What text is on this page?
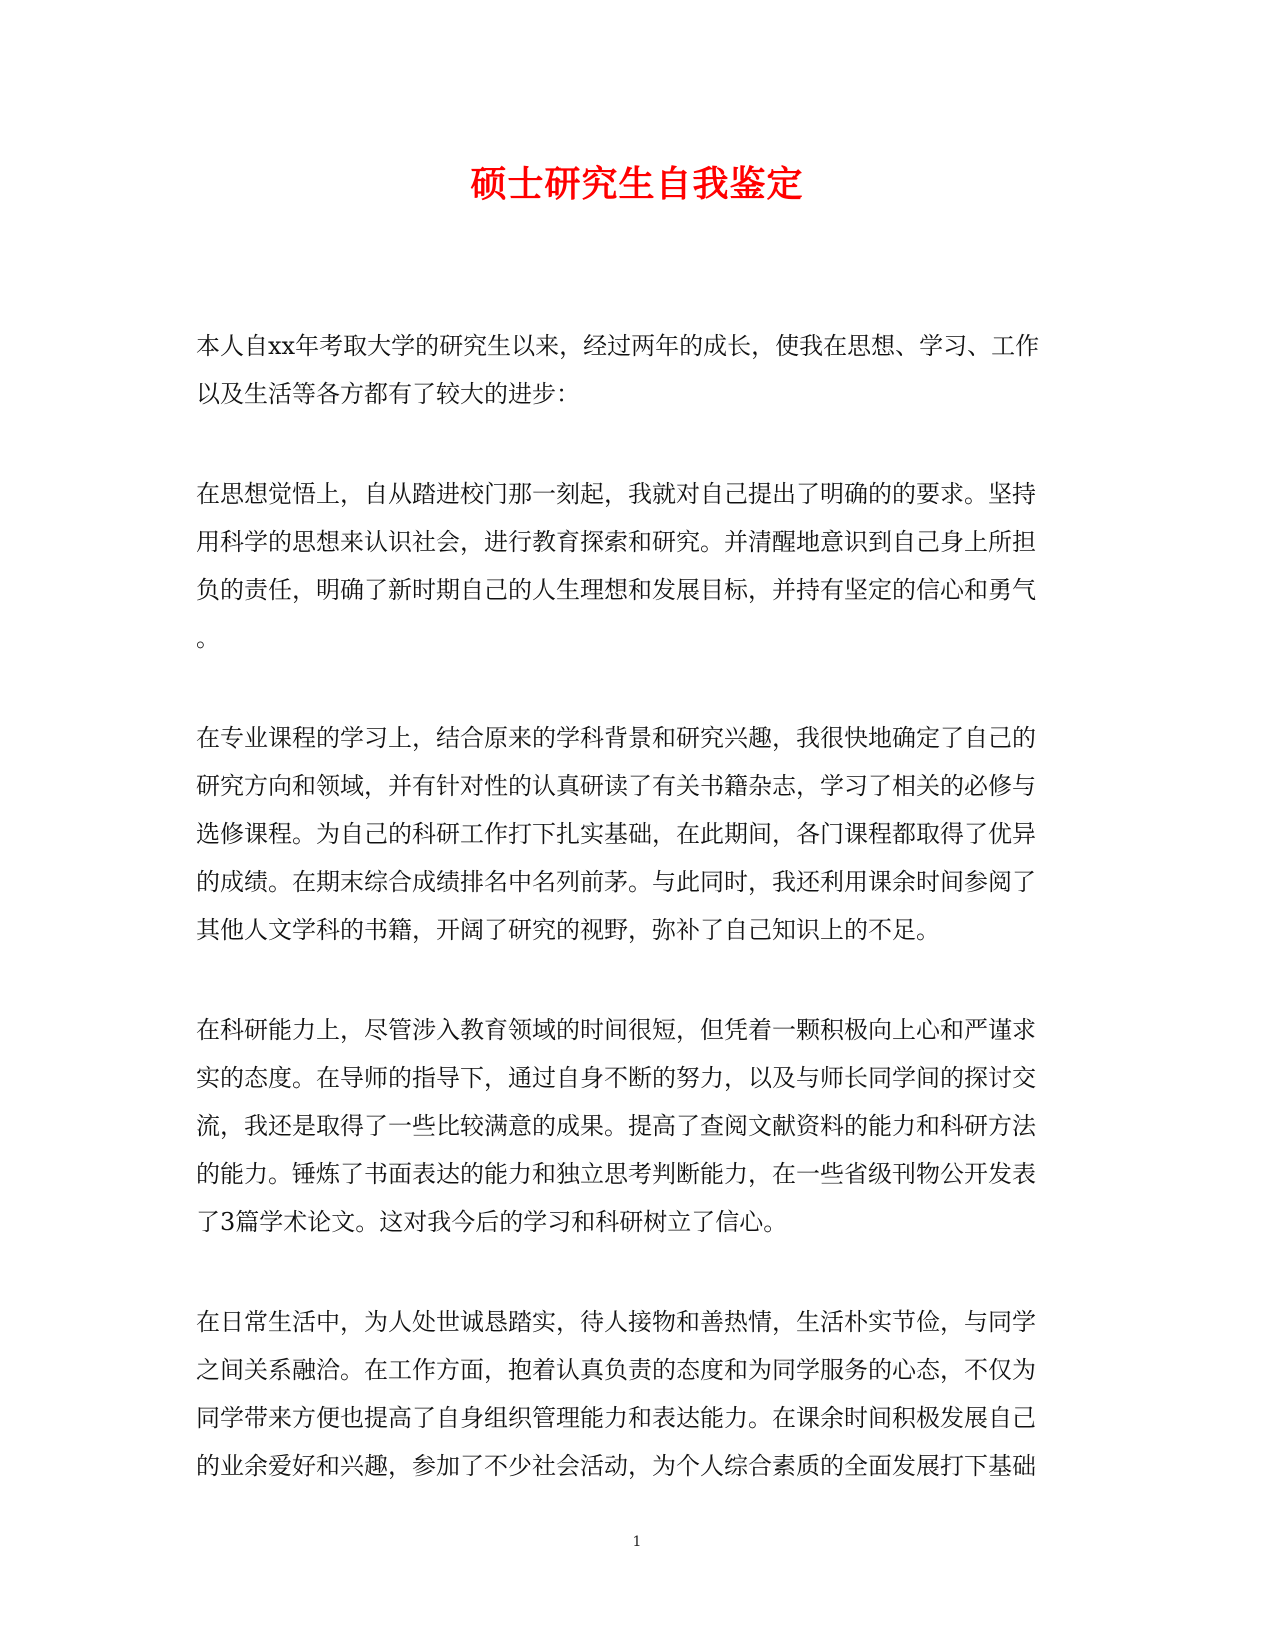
硕士研究生自我鉴定
本人自xx年考取大学的研究生以来，经过两年的成长，使我在思想、学习、工作
以及生活等各方都有了较大的进步：
在思想觉悟上，自从踏进校门那一刻起，我就对自己提出了明确的的要求。坚持
用科学的思想来认识社会，进行教育探索和研究。并清醒地意识到自己身上所担
负的责任，明确了新时期自己的人生理想和发展目标，并持有坚定的信心和勇气
。
在专业课程的学习上，结合原来的学科背景和研究兴趣，我很快地确定了自己的
研究方向和领域，并有针对性的认真研读了有关书籍杂志，学习了相关的必修与
选修课程。为自己的科研工作打下扎实基础，在此期间，各门课程都取得了优异
的成绩。在期末综合成绩排名中名列前茅。与此同时，我还利用课余时间参阅了
其他人文学科的书籍，开阔了研究的视野，弥补了自己知识上的不足。
在科研能力上，尽管涉入教育领域的时间很短，但凭着一颗积极向上心和严谨求
实的态度。在导师的指导下，通过自身不断的努力，以及与师长同学间的探讨交
流，我还是取得了一些比较满意的成果。提高了查阅文献资料的能力和科研方法
的能力。锤炼了书面表达的能力和独立思考判断能力，在一些省级刊物公开发表
了3篇学术论文。这对我今后的学习和科研树立了信心。
在日常生活中，为人处世诚恳踏实，待人接物和善热情，生活朴实节俭，与同学
之间关系融洽。在工作方面，抱着认真负责的态度和为同学服务的心态，不仅为
同学带来方便也提高了自身组织管理能力和表达能力。在课余时间积极发展自己
的业余爱好和兴趣，参加了不少社会活动，为个人综合素质的全面发展打下基础
1
